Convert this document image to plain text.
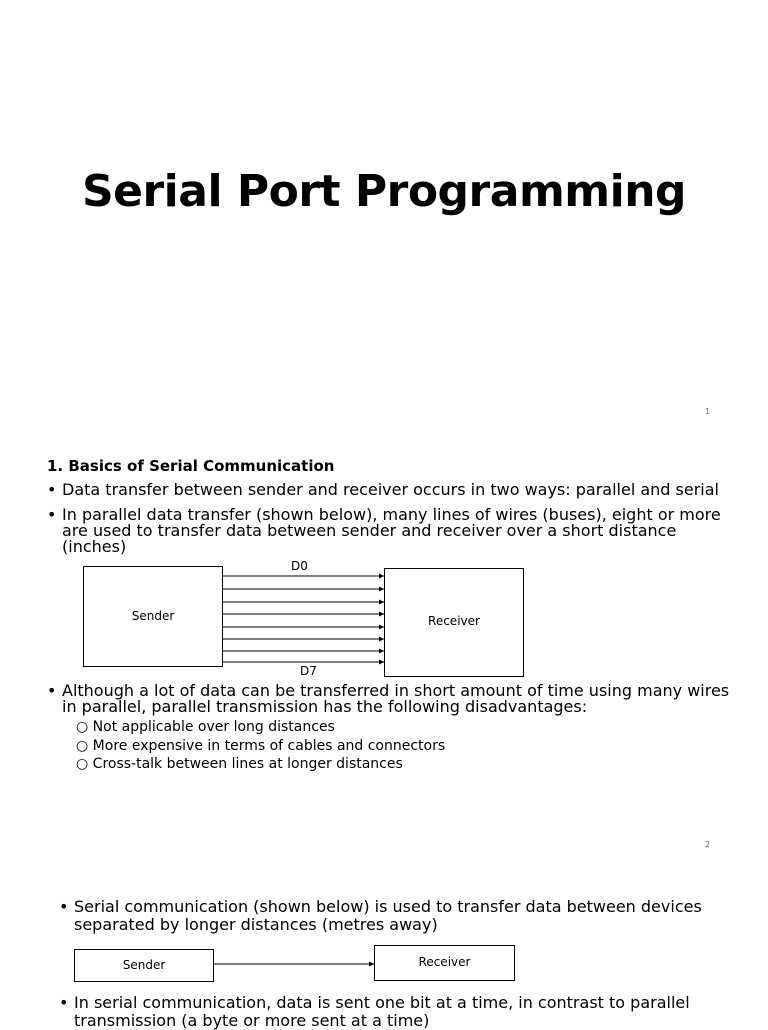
Serial Port Programming
1
1. Basics of Serial Communication
• Data transfer between sender and receiver occurs in two ways: parallel and serial
• In parallel data transfer (shown below), many lines of wires (buses), eight or more are used to transfer data between sender and receiver over a short distance (inches)
Sender	Receiver
D0
D7
• Although a lot of data can be transferred in short amount of time using many wires in parallel, parallel transmission has the following disadvantages:
○ Not applicable over long distances
○ More expensive in terms of cables and connectors
○ Cross-talk between lines at longer distances
2
• Serial communication (shown below) is used to transfer data between devices separated by longer distances (metres away)
Sender	Receiver
• In serial communication, data is sent one bit at a time, in contrast to parallel transmission (a byte or more sent at a time)
